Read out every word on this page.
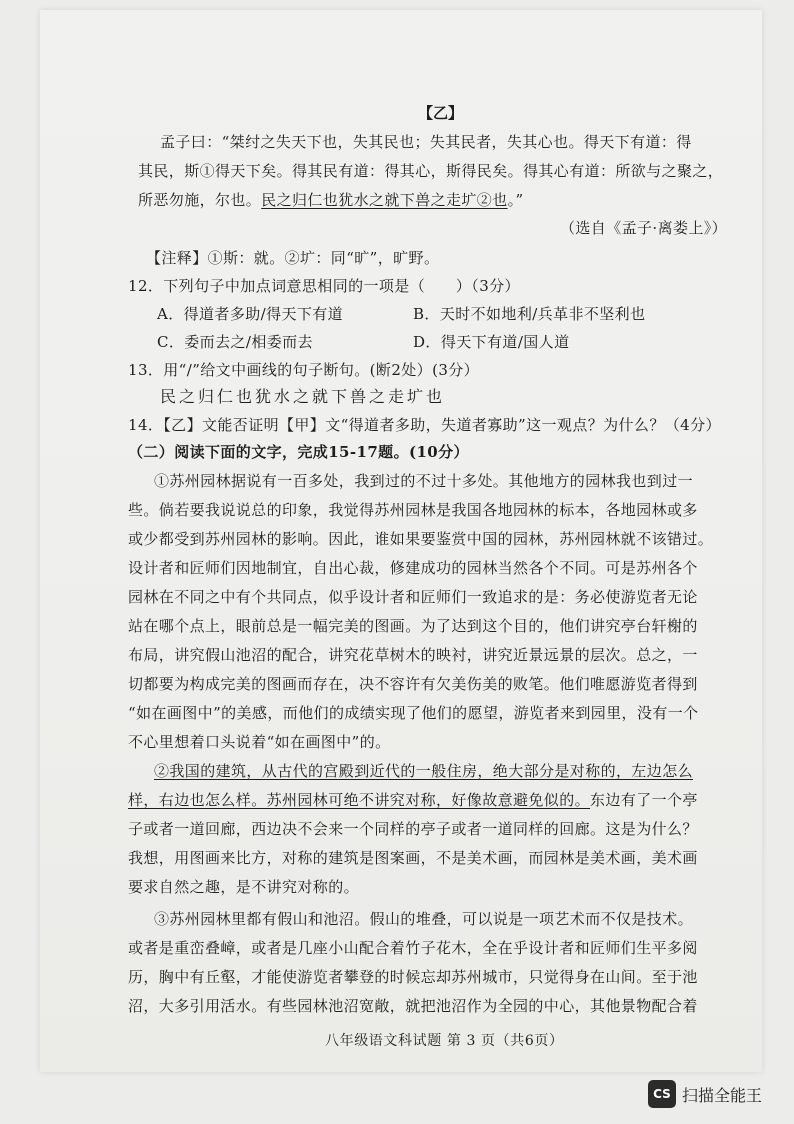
【乙】
孟子曰：“桀纣之失天下也，失其民也；失其民者，失其心也。得天下有道：得
其民，斯①得天下矣。得其民有道：得其心，斯得民矣。得其心有道：所欲与之聚之，
所恶勿施，尔也。民之归仁也犹水之就下兽之走圹②也。”
（选自《孟子·离娄上》）
【注释】①斯：就。②圹：同“旷”，旷野。
12．下列句子中加点词意思相同的一项是（　　）（3分）
A．得道者多助/得天下有道	B．天时不如地利/兵革非不坚利也
C．委而去之/相委而去	D．得天下有道/国人道
13．用“/”给文中画线的句子断句。(断2处）(3分）
民之归仁也犹水之就下兽之走圹也
14．【乙】文能否证明【甲】文“得道者多助，失道者寡助”这一观点？为什么？（4分）
（二）阅读下面的文字，完成15-17题。(10分）
①苏州园林据说有一百多处，我到过的不过十多处。其他地方的园林我也到过一
些。倘若要我说说总的印象，我觉得苏州园林是我国各地园林的标本，各地园林或多
或少都受到苏州园林的影响。因此，谁如果要鉴赏中国的园林，苏州园林就不该错过。
设计者和匠师们因地制宜，自出心裁，修建成功的园林当然各个不同。可是苏州各个
园林在不同之中有个共同点，似乎设计者和匠师们一致追求的是：务必使游览者无论
站在哪个点上，眼前总是一幅完美的图画。为了达到这个目的，他们讲究亭台轩榭的
布局，讲究假山池沼的配合，讲究花草树木的映衬，讲究近景远景的层次。总之，一
切都要为构成完美的图画而存在，决不容许有欠美伤美的败笔。他们唯愿游览者得到
“如在画图中”的美感，而他们的成绩实现了他们的愿望，游览者来到园里，没有一个
不心里想着口头说着“如在画图中”的。
②我国的建筑，从古代的宫殿到近代的一般住房，绝大部分是对称的，左边怎么
样，右边也怎么样。苏州园林可绝不讲究对称，好像故意避免似的。东边有了一个亭
子或者一道回廊，西边决不会来一个同样的亭子或者一道同样的回廊。这是为什么？
我想，用图画来比方，对称的建筑是图案画，不是美术画，而园林是美术画，美术画
要求自然之趣，是不讲究对称的。
③苏州园林里都有假山和池沼。假山的堆叠，可以说是一项艺术而不仅是技术。
或者是重峦叠嶂，或者是几座小山配合着竹子花木，全在乎设计者和匠师们生平多阅
历，胸中有丘壑，才能使游览者攀登的时候忘却苏州城市，只觉得身在山间。至于池
沼，大多引用活水。有些园林池沼宽敞，就把池沼作为全园的中心，其他景物配合着
八年级语文科试题 第 3 页（共6页）
CS 扫描全能王
